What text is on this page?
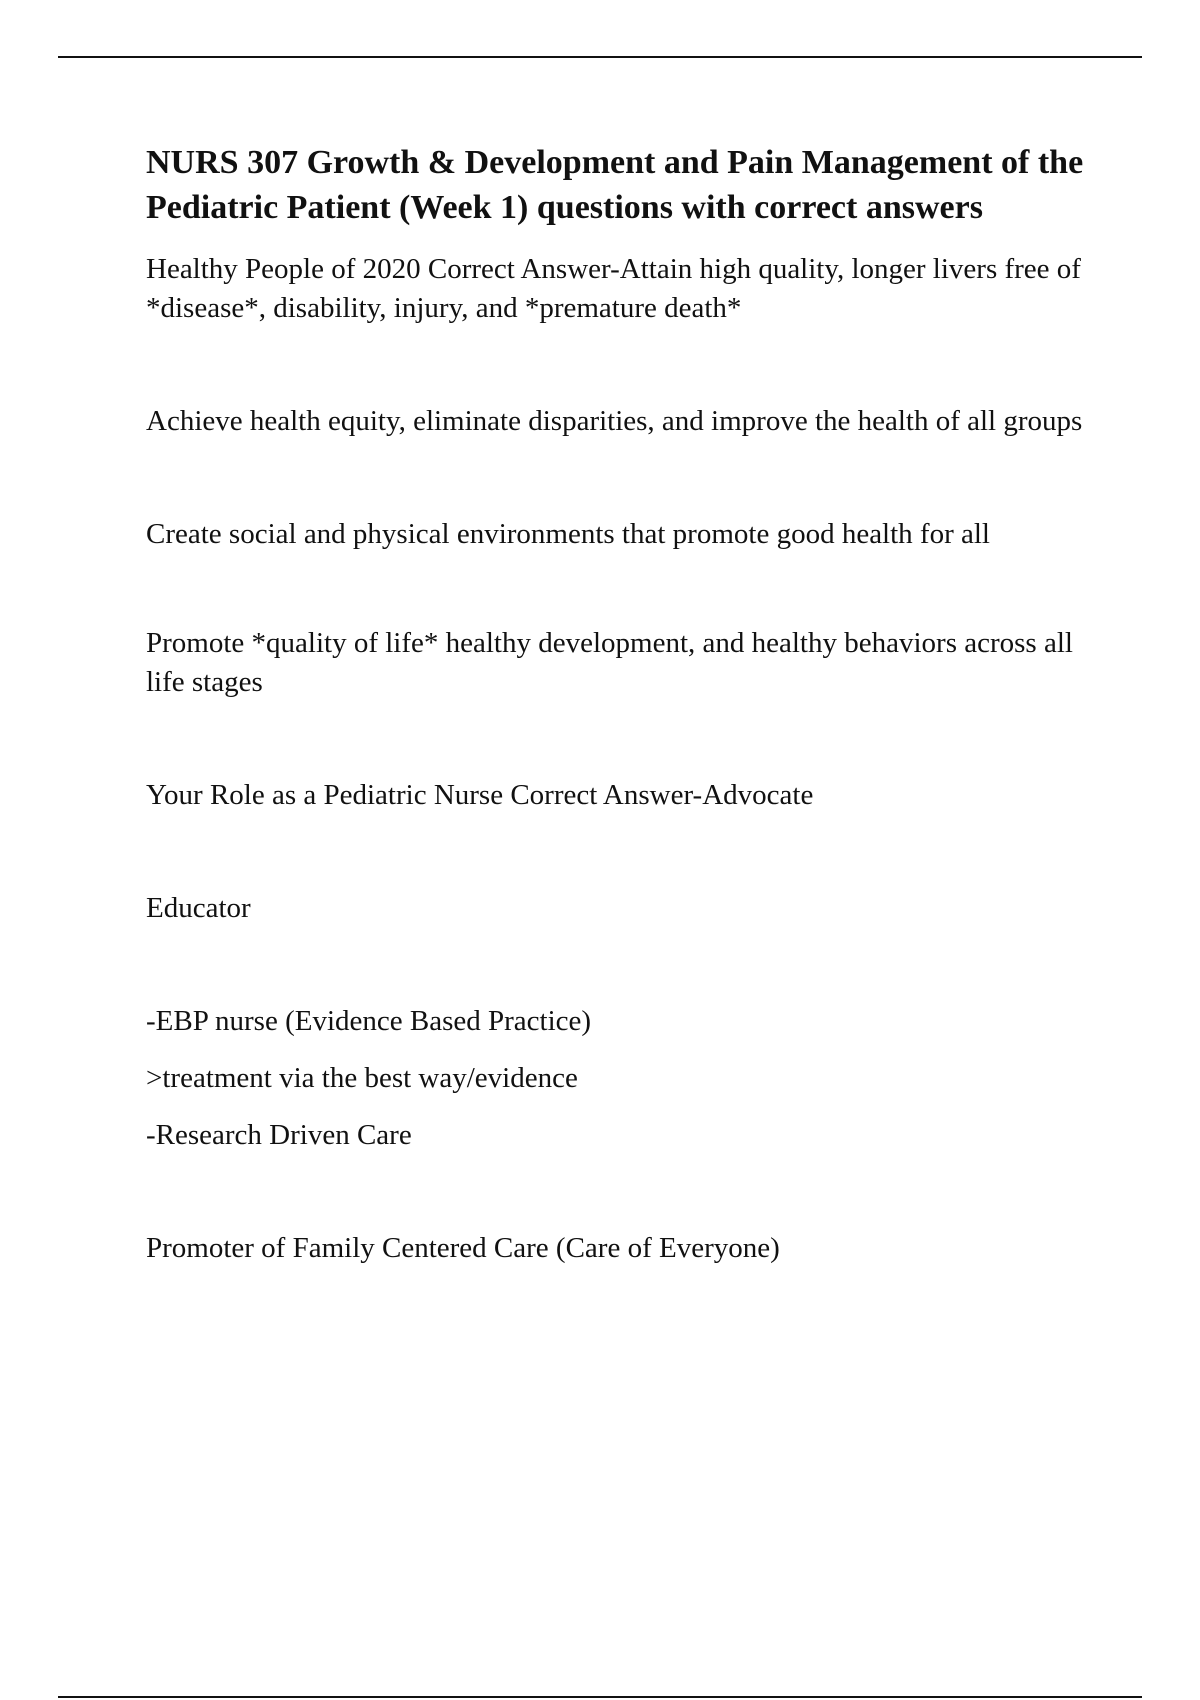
NURS 307 Growth & Development and Pain Management of the Pediatric Patient (Week 1) questions with correct answers

Healthy People of 2020 Correct Answer-Attain high quality, longer livers free of *disease*, disability, injury, and *premature death*

Achieve health equity, eliminate disparities, and improve the health of all groups

Create social and physical environments that promote good health for all

Promote *quality of life* healthy development, and healthy behaviors across all life stages

Your Role as a Pediatric Nurse Correct Answer-Advocate

Educator

-EBP nurse (Evidence Based Practice)

>treatment via the best way/evidence

-Research Driven Care

Promoter of Family Centered Care (Care of Everyone)
